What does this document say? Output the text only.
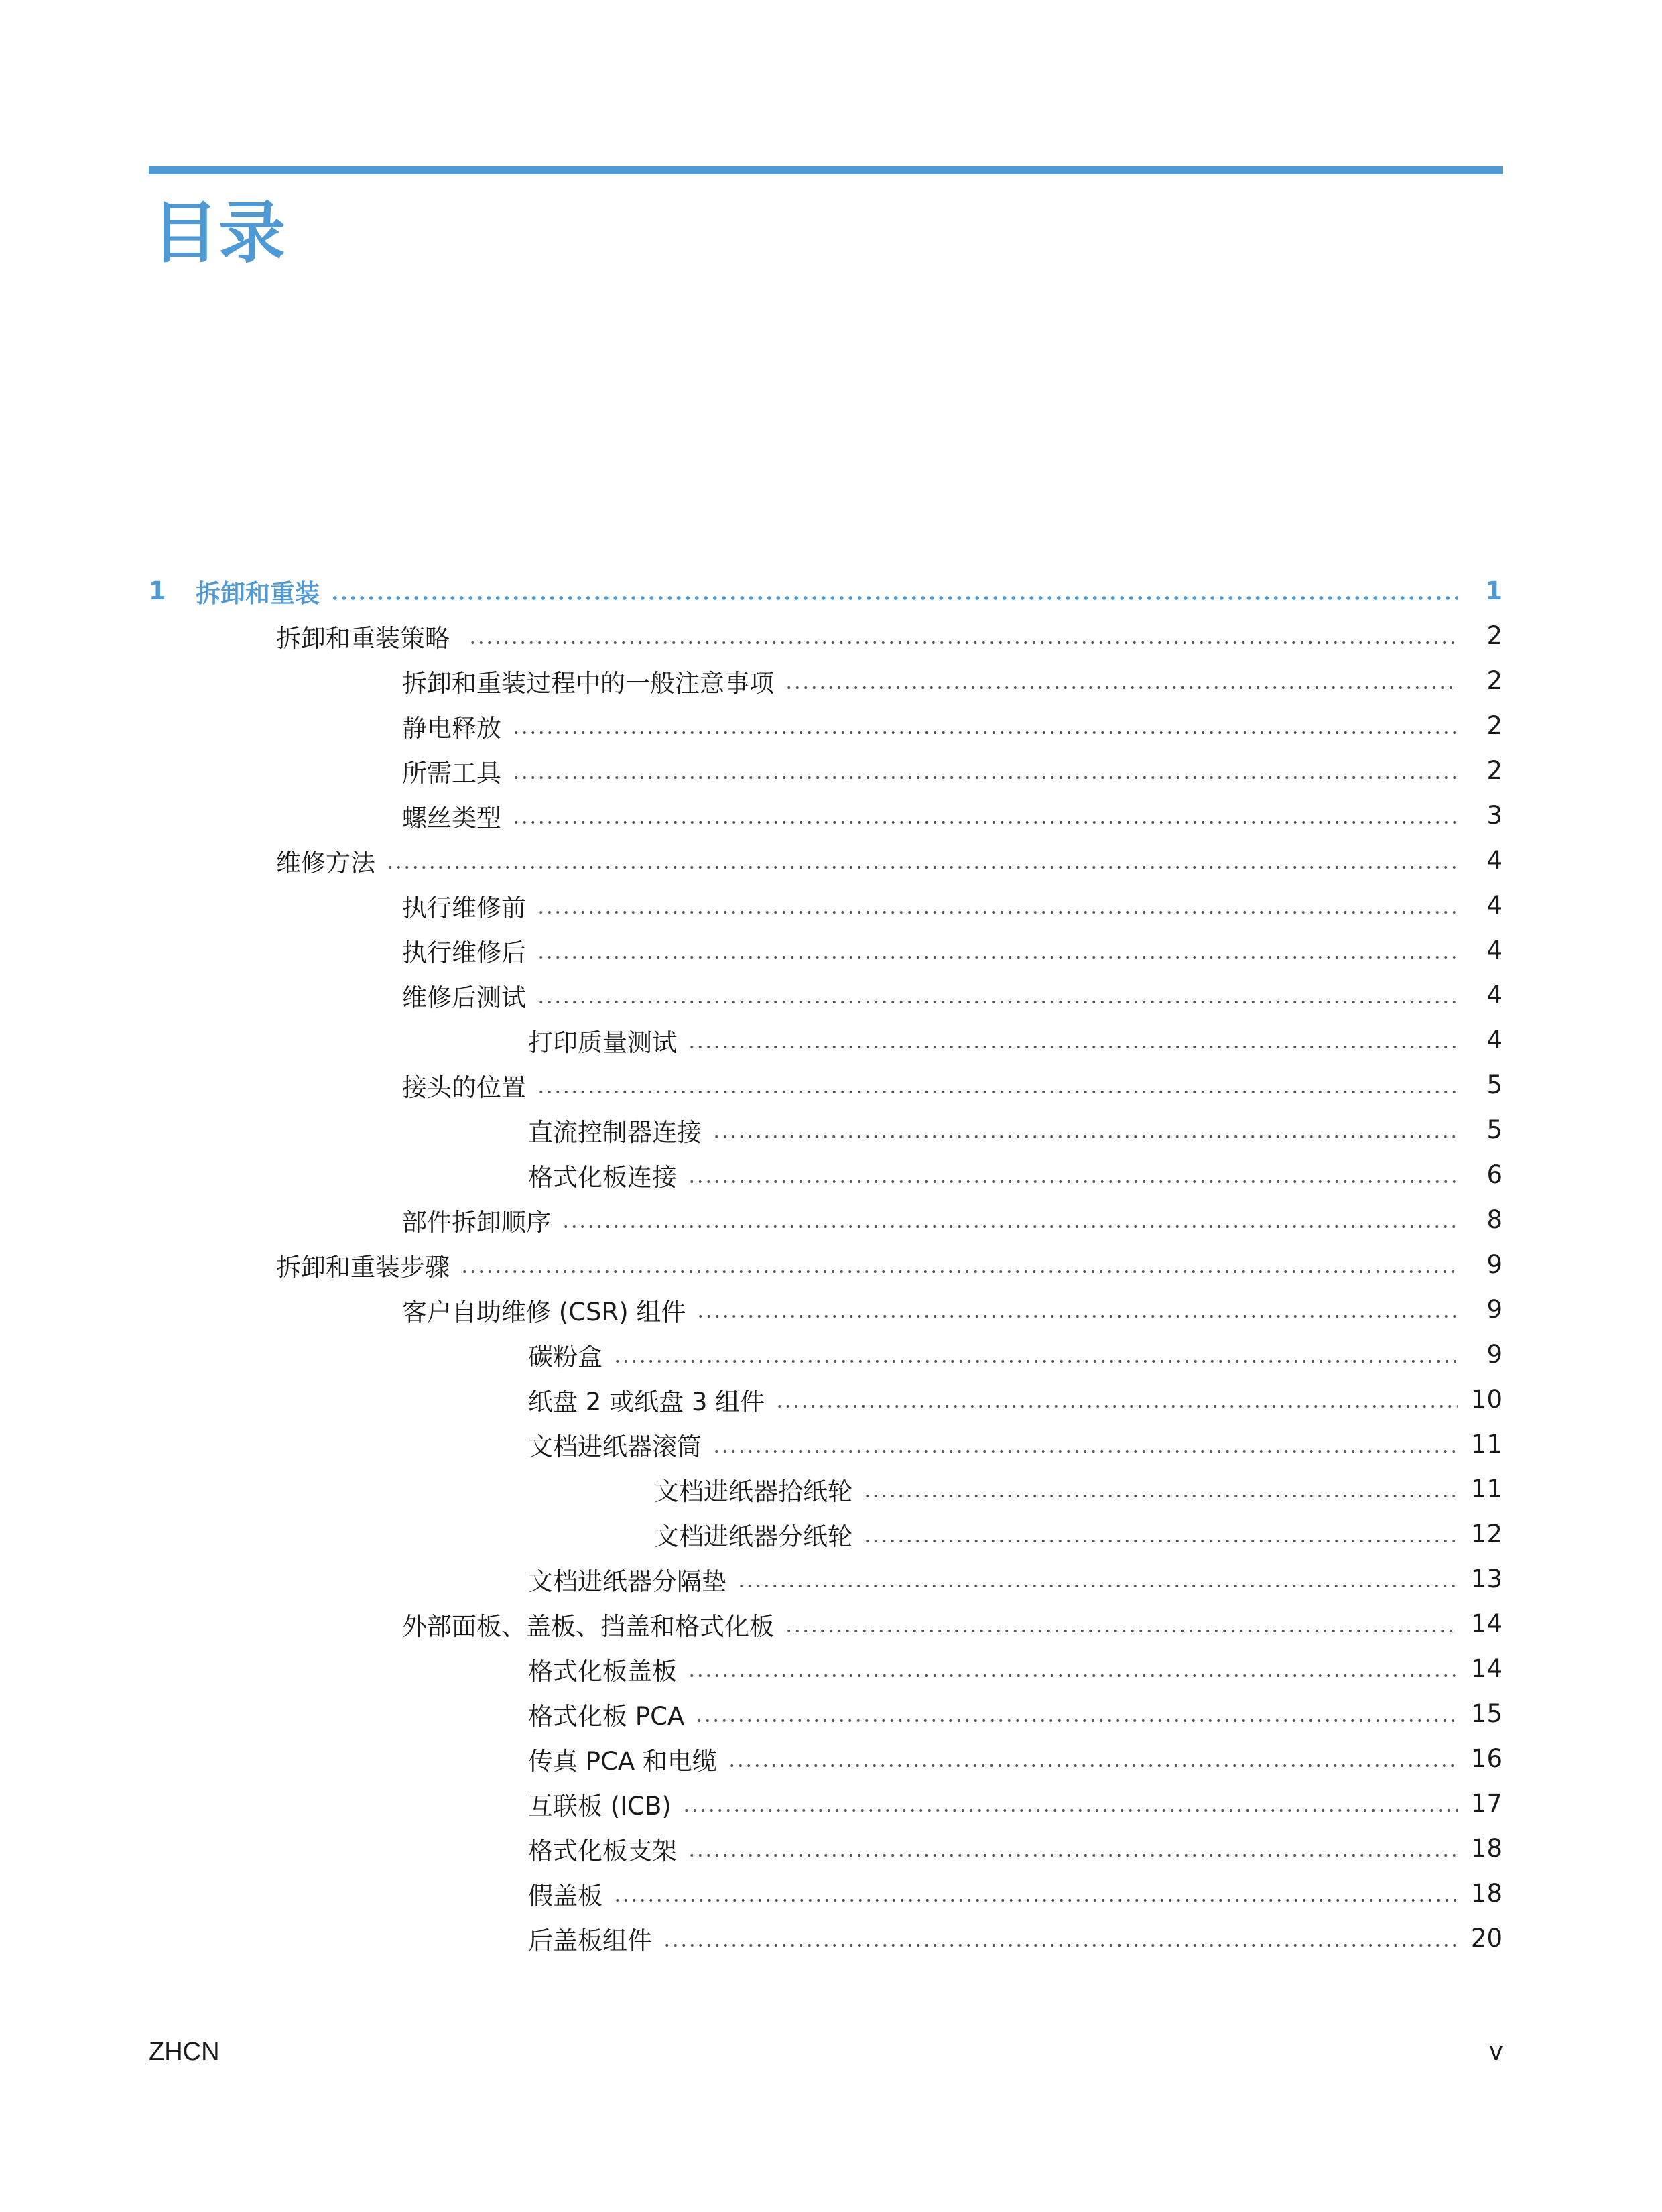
目录
1	拆卸和重装	1
拆卸和重装策略	2
拆卸和重装过程中的一般注意事项	2
静电释放	2
所需工具	2
螺丝类型	3
维修方法	4
执行维修前	4
执行维修后	4
维修后测试	4
打印质量测试	4
接头的位置	5
直流控制器连接	5
格式化板连接	6
部件拆卸顺序	8
拆卸和重装步骤	9
客户自助维修 (CSR) 组件	9
碳粉盒	9
纸盘 2 或纸盘 3 组件	10
文档进纸器滚筒	11
文档进纸器拾纸轮	11
文档进纸器分纸轮	12
文档进纸器分隔垫	13
外部面板、盖板、挡盖和格式化板	14
格式化板盖板	14
格式化板 PCA	15
传真 PCA 和电缆	16
互联板 (ICB)	17
格式化板支架	18
假盖板	18
后盖板组件	20
ZHCN	v
